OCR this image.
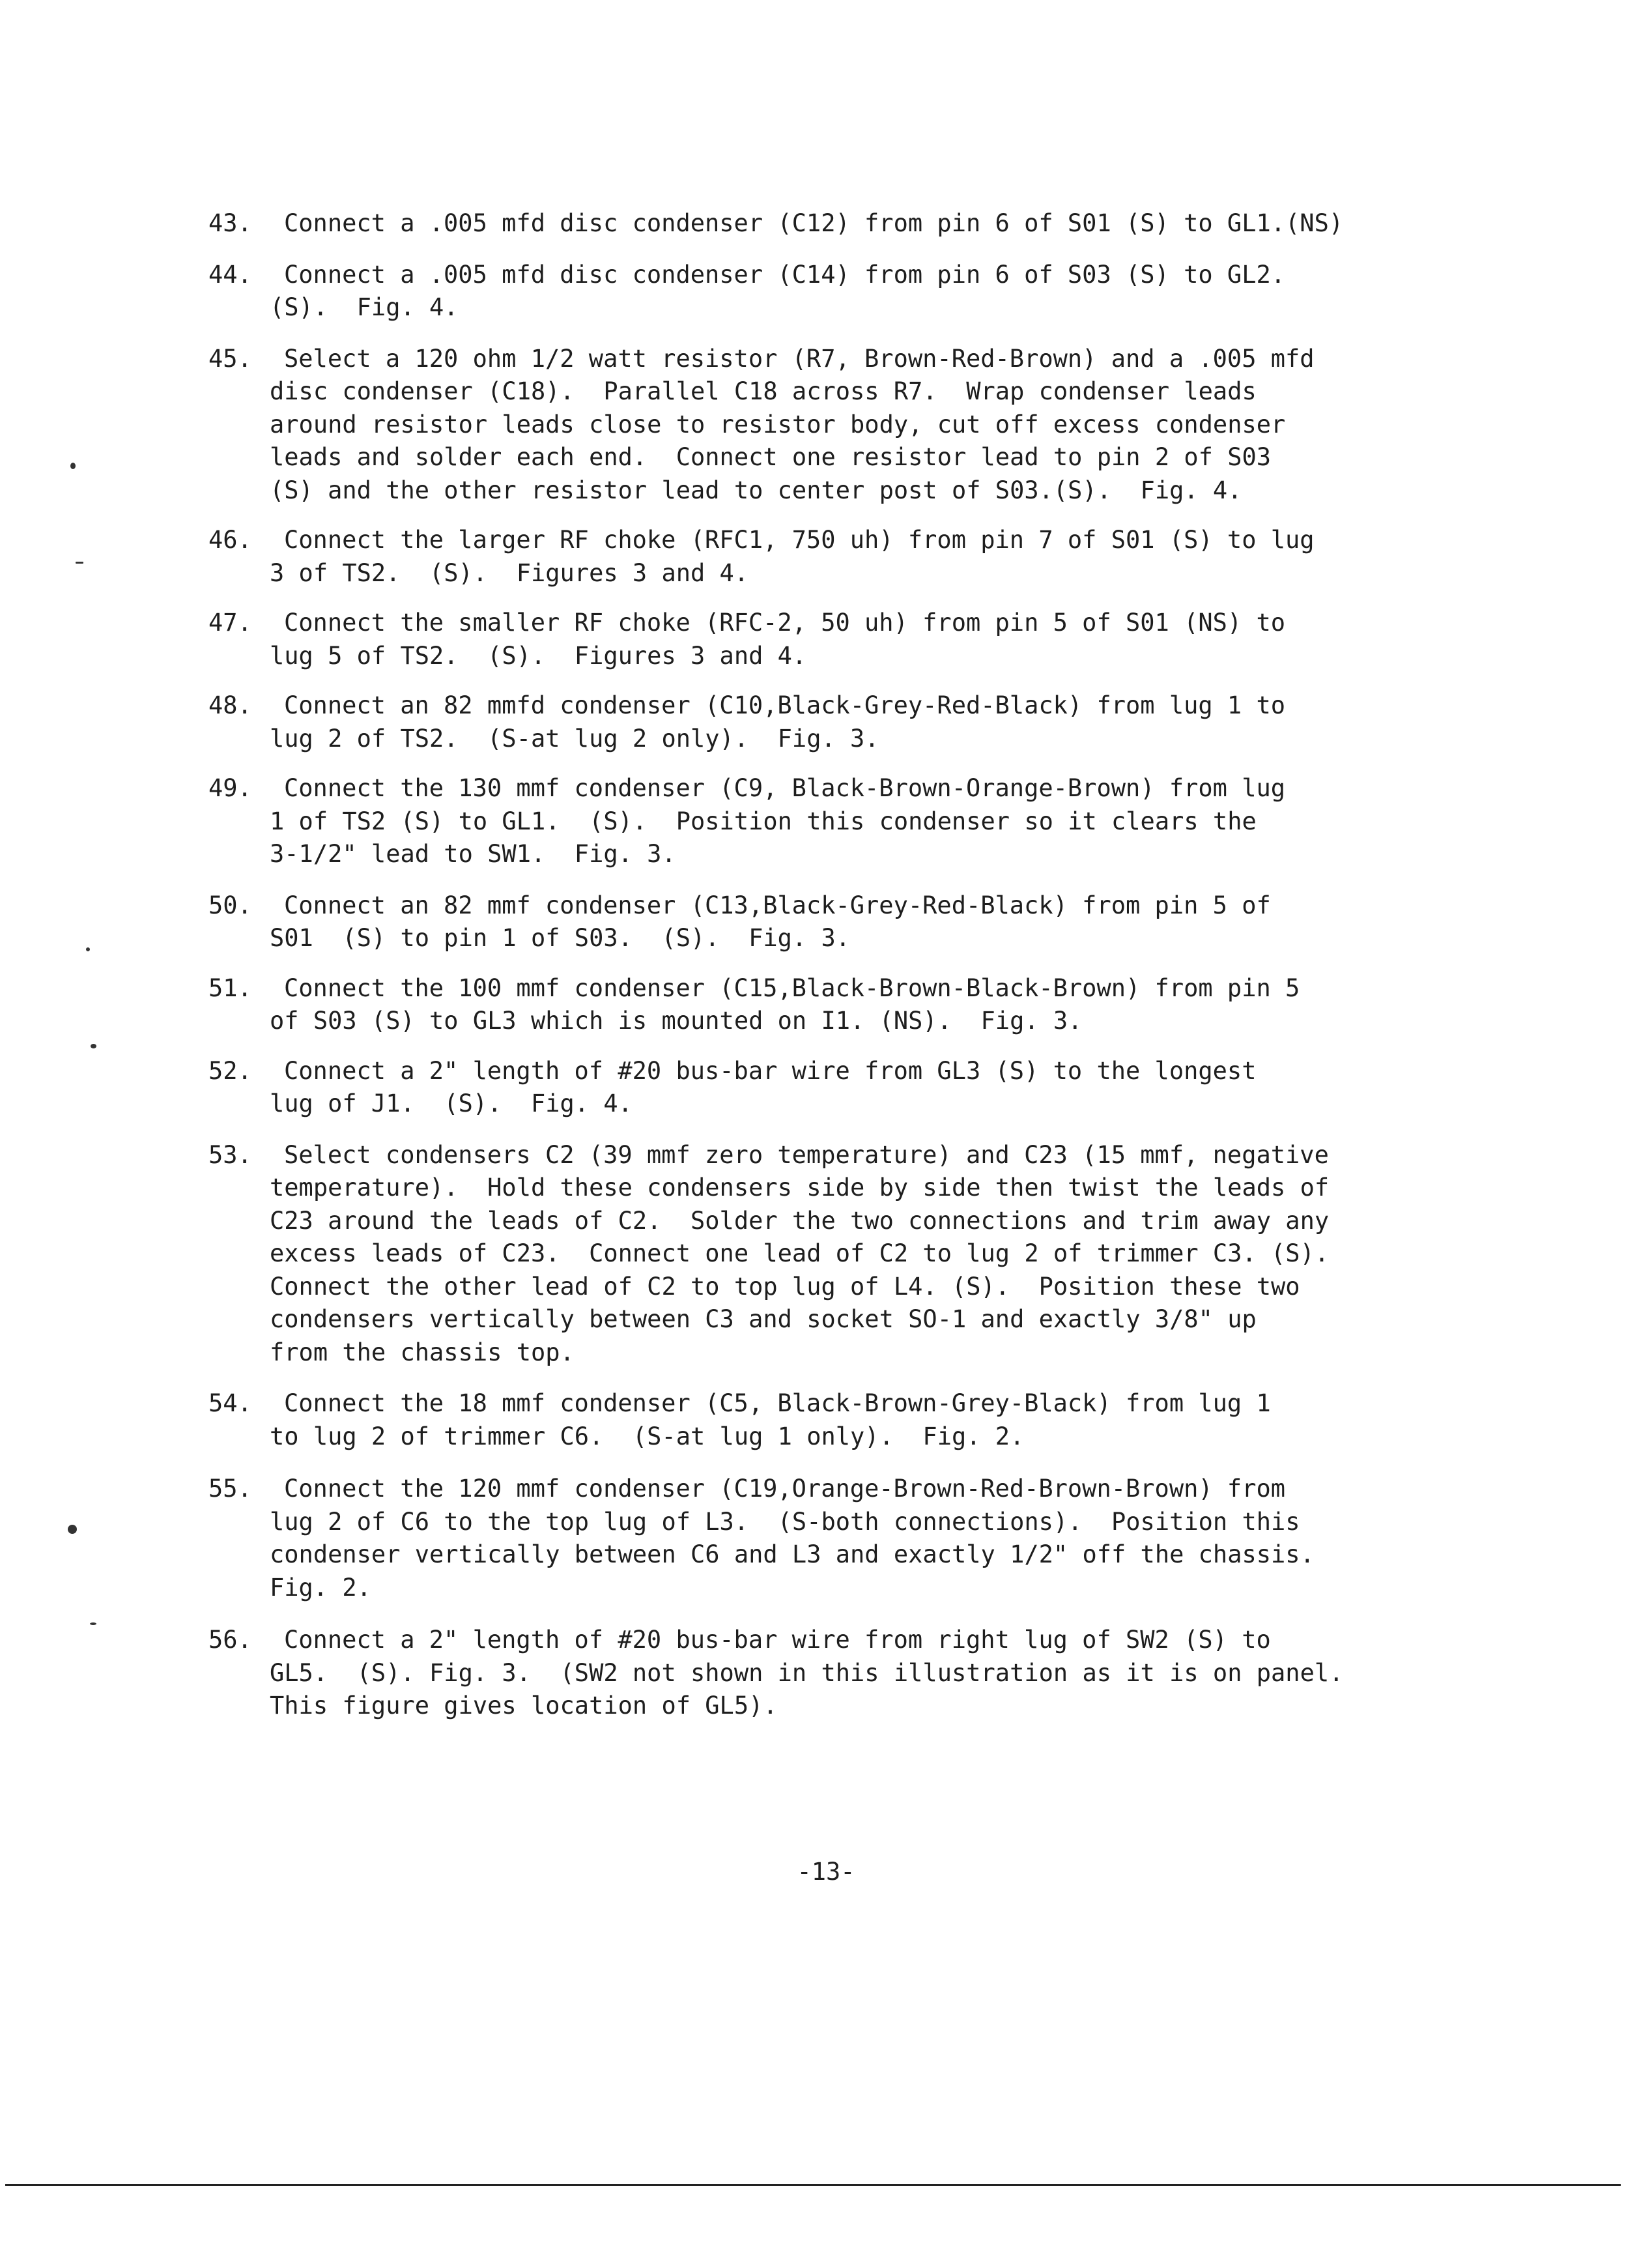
43.	Connect a .005 mfd disc condenser (C12) from pin 6 of S01 (S) to GL1.(NS)
44.	Connect a .005 mfd disc condenser (C14) from pin 6 of S03 (S) to GL2.
(S).  Fig. 4.
45.	Select a 120 ohm 1/2 watt resistor (R7, Brown-Red-Brown) and a .005 mfd
disc condenser (C18).  Parallel C18 across R7.  Wrap condenser leads
around resistor leads close to resistor body, cut off excess condenser
leads and solder each end.  Connect one resistor lead to pin 2 of S03
(S) and the other resistor lead to center post of S03.(S).  Fig. 4.
46.	Connect the larger RF choke (RFC1, 750 uh) from pin 7 of S01 (S) to lug
3 of TS2.  (S).  Figures 3 and 4.
47.	Connect the smaller RF choke (RFC-2, 50 uh) from pin 5 of S01 (NS) to
lug 5 of TS2.  (S).  Figures 3 and 4.
48.	Connect an 82 mmfd condenser (C10,Black-Grey-Red-Black) from lug 1 to
lug 2 of TS2.  (S-at lug 2 only).  Fig. 3.
49.	Connect the 130 mmf condenser (C9, Black-Brown-Orange-Brown) from lug
1 of TS2 (S) to GL1.  (S).  Position this condenser so it clears the
3-1/2" lead to SW1.  Fig. 3.
50.	Connect an 82 mmf condenser (C13,Black-Grey-Red-Black) from pin 5 of
S01  (S) to pin 1 of S03.  (S).  Fig. 3.
51.	Connect the 100 mmf condenser (C15,Black-Brown-Black-Brown) from pin 5
of S03 (S) to GL3 which is mounted on I1. (NS).  Fig. 3.
52.	Connect a 2" length of #20 bus-bar wire from GL3 (S) to the longest
lug of J1.  (S).  Fig. 4.
53.	Select condensers C2 (39 mmf zero temperature) and C23 (15 mmf, negative
temperature).  Hold these condensers side by side then twist the leads of
C23 around the leads of C2.  Solder the two connections and trim away any
excess leads of C23.  Connect one lead of C2 to lug 2 of trimmer C3. (S).
Connect the other lead of C2 to top lug of L4. (S).  Position these two
condensers vertically between C3 and socket SO-1 and exactly 3/8" up
from the chassis top.
54.	Connect the 18 mmf condenser (C5, Black-Brown-Grey-Black) from lug 1
to lug 2 of trimmer C6.  (S-at lug 1 only).  Fig. 2.
55.	Connect the 120 mmf condenser (C19,Orange-Brown-Red-Brown-Brown) from
lug 2 of C6 to the top lug of L3.  (S-both connections).  Position this
condenser vertically between C6 and L3 and exactly 1/2" off the chassis.
Fig. 2.
56.	Connect a 2" length of #20 bus-bar wire from right lug of SW2 (S) to
GL5.  (S). Fig. 3.  (SW2 not shown in this illustration as it is on panel.
This figure gives location of GL5).
-13-
